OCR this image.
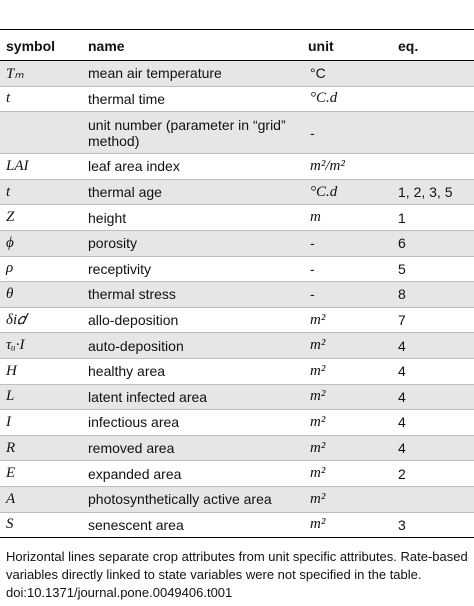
symbol	name	unit	eq.
Tₘ	mean air temperature	°C	
t	thermal time	°C.d	
	unit number (parameter in “grid” method)	-	
LAI	leaf area index	m²/m²	
t	thermal age	°C.d	1, 2, 3, 5
Z	height	m	1
ϕ	porosity	-	6
ρ	receptivity	-	5
θ	thermal stress	-	8
δi𝑑	allo-deposition	m²	7
τᵤ·I	auto-deposition	m²	4
H	healthy area	m²	4
L	latent infected area	m²	4
I	infectious area	m²	4
R	removed area	m²	4
E	expanded area	m²	2
A	photosynthetically active area	m²	
S	senescent area	m²	3

Horizontal lines separate crop attributes from unit specific attributes. Rate-based variables directly linked to state variables were not specified in the table.

doi:10.1371/journal.pone.0049406.t001
